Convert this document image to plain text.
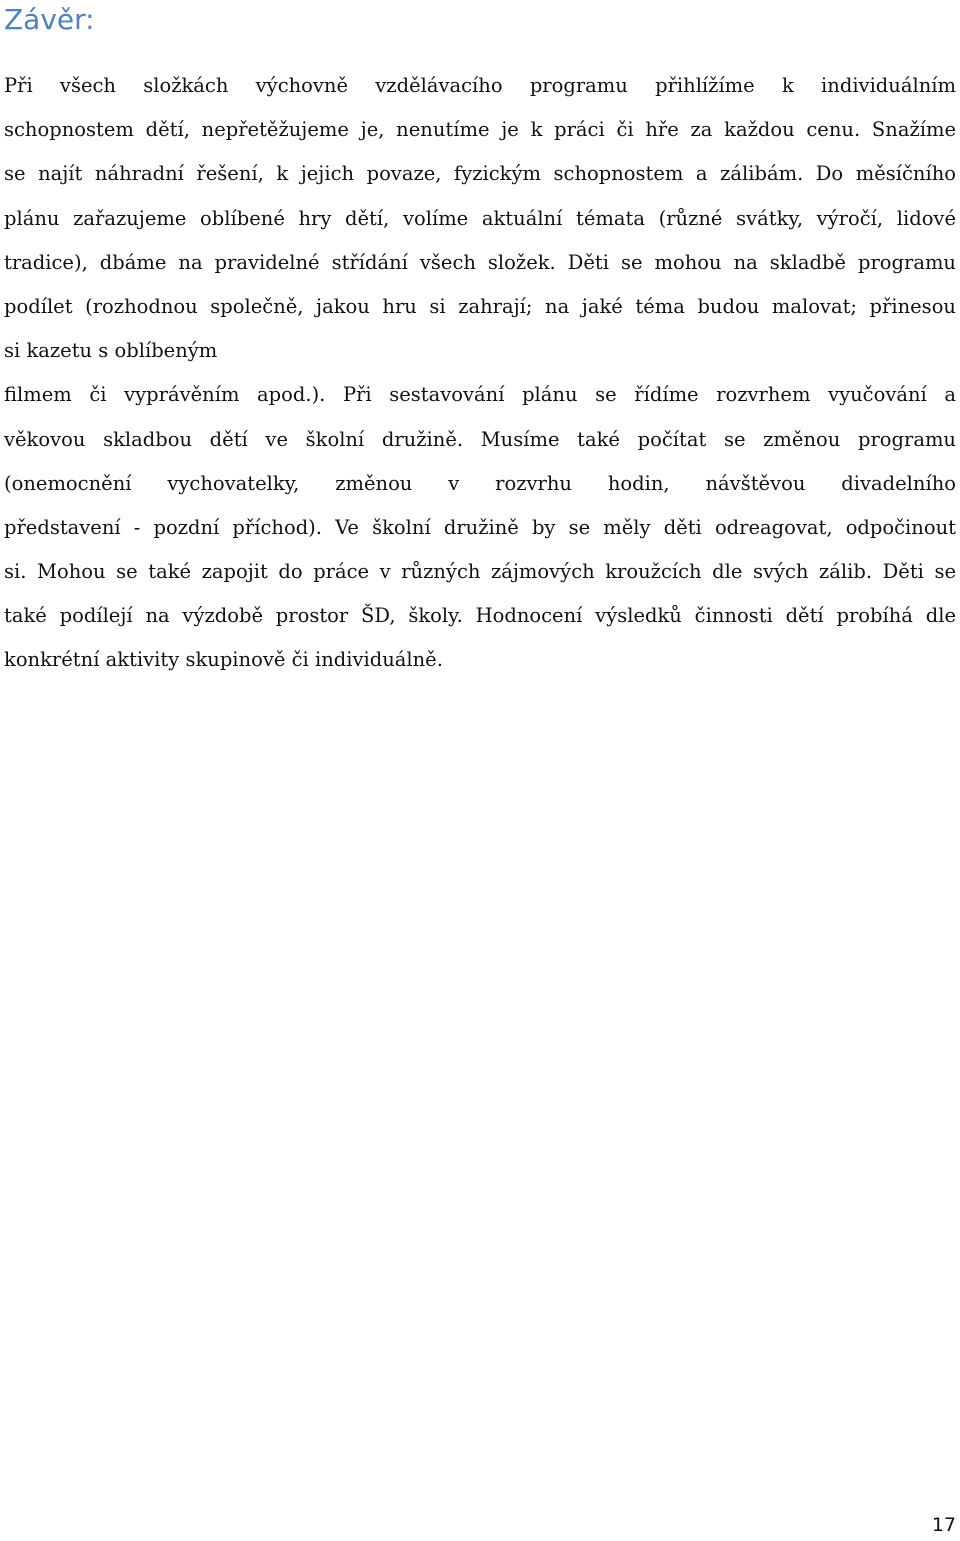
Závěr:
Při všech složkách výchovně vzdělávacího programu přihlížíme k individuálním
schopnostem dětí, nepřetěžujeme je, nenutíme je k práci či hře za každou cenu. Snažíme
se najít náhradní řešení, k jejich povaze, fyzickým schopnostem a zálibám. Do měsíčního
plánu zařazujeme oblíbené hry dětí, volíme aktuální témata (různé svátky, výročí, lidové
tradice), dbáme na pravidelné střídání všech složek. Děti se mohou na skladbě programu
podílet (rozhodnou společně, jakou hru si zahrají; na jaké téma budou malovat; přinesou
si kazetu s oblíbeným
filmem či vyprávěním apod.). Při sestavování plánu se řídíme rozvrhem vyučování a
věkovou skladbou dětí ve školní družině. Musíme také počítat se změnou programu
(onemocnění vychovatelky, změnou v rozvrhu hodin, návštěvou divadelního
představení - pozdní příchod). Ve školní družině by se měly děti odreagovat, odpočinout
si. Mohou se také zapojit do práce v různých zájmových kroužcích dle svých zálib. Děti se
také podílejí na výzdobě prostor ŠD, školy. Hodnocení výsledků činnosti dětí probíhá dle
konkrétní aktivity skupinově či individuálně.
17
